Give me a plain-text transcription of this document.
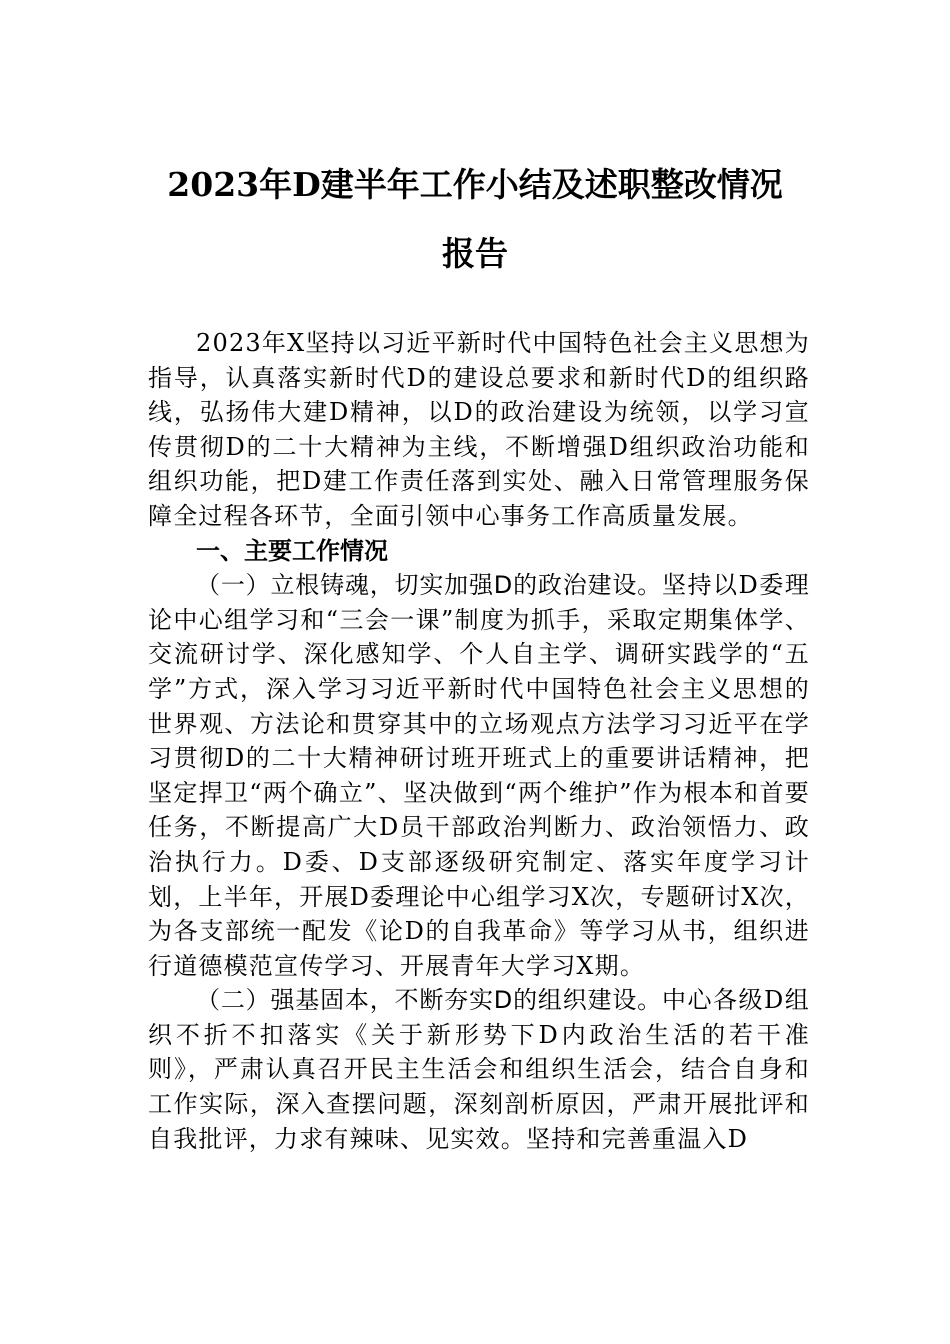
2023年D建半年工作小结及述职整改情况
报告

2023年X坚持以习近平新时代中国特色社会主义思想为指导，认真落实新时代D的建设总要求和新时代D的组织路线，弘扬伟大建D精神，以D的政治建设为统领，以学习宣传贯彻D的二十大精神为主线，不断增强D组织政治功能和组织功能，把D建工作责任落到实处、融入日常管理服务保障全过程各环节，全面引领中心事务工作高质量发展。

一、主要工作情况

（一）立根铸魂，切实加强D的政治建设。坚持以D委理论中心组学习和“三会一课”制度为抓手，采取定期集体学、交流研讨学、深化感知学、个人自主学、调研实践学的“五学”方式，深入学习习近平新时代中国特色社会主义思想的世界观、方法论和贯穿其中的立场观点方法学习习近平在学习贯彻D的二十大精神研讨班开班式上的重要讲话精神，把坚定捍卫“两个确立”、坚决做到“两个维护”作为根本和首要任务，不断提高广大D员干部政治判断力、政治领悟力、政治执行力。D委、D支部逐级研究制定、落实年度学习计划，上半年，开展D委理论中心组学习X次，专题研讨X次，为各支部统一配发《论D的自我革命》等学习从书，组织进行道德模范宣传学习、开展青年大学习X期。

（二）强基固本，不断夯实D的组织建设。中心各级D组织不折不扣落实《关于新形势下D内政治生活的若干准则》，严肃认真召开民主生活会和组织生活会，结合自身和工作实际，深入查摆问题，深刻剖析原因，严肃开展批评和自我批评，力求有辣味、见实效。坚持和完善重温入D
